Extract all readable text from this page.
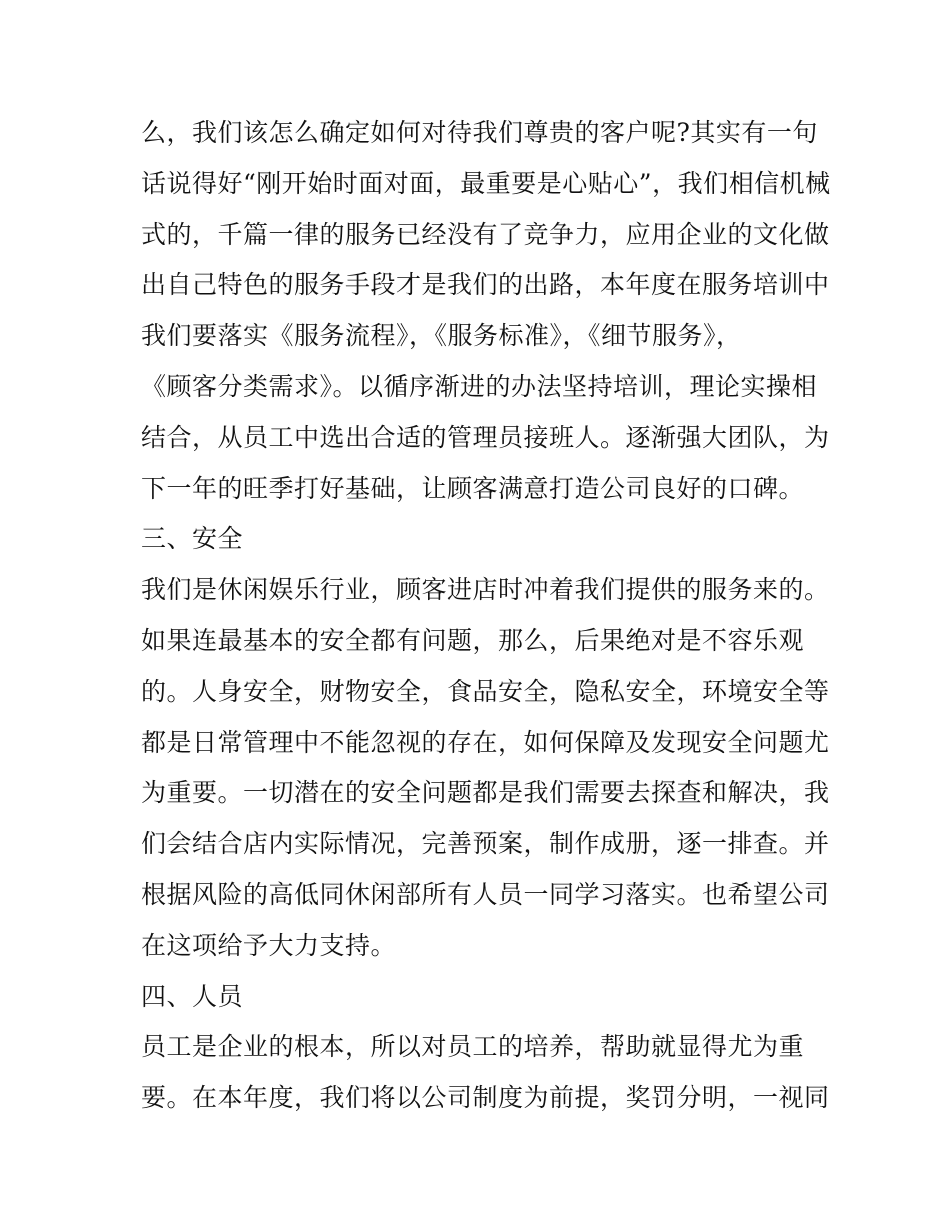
么，我们该怎么确定如何对待我们尊贵的客户呢?其实有一句
话说得好“刚开始时面对面，最重要是心贴心”，我们相信机械
式的，千篇一律的服务已经没有了竞争力，应用企业的文化做
出自己特色的服务手段才是我们的出路，本年度在服务培训中
我们要落实《服务流程》，《服务标准》，《细节服务》，
《顾客分类需求》。以循序渐进的办法坚持培训，理论实操相
结合，从员工中选出合适的管理员接班人。逐渐强大团队，为
下一年的旺季打好基础，让顾客满意打造公司良好的口碑。
三、安全
我们是休闲娱乐行业，顾客进店时冲着我们提供的服务来的。
如果连最基本的安全都有问题，那么，后果绝对是不容乐观
的。人身安全，财物安全，食品安全，隐私安全，环境安全等
都是日常管理中不能忽视的存在，如何保障及发现安全问题尤
为重要。一切潜在的安全问题都是我们需要去探查和解决，我
们会结合店内实际情况，完善预案，制作成册，逐一排查。并
根据风险的高低同休闲部所有人员一同学习落实。也希望公司
在这项给予大力支持。
四、人员
员工是企业的根本，所以对员工的培养，帮助就显得尤为重
要。在本年度，我们将以公司制度为前提，奖罚分明，一视同
